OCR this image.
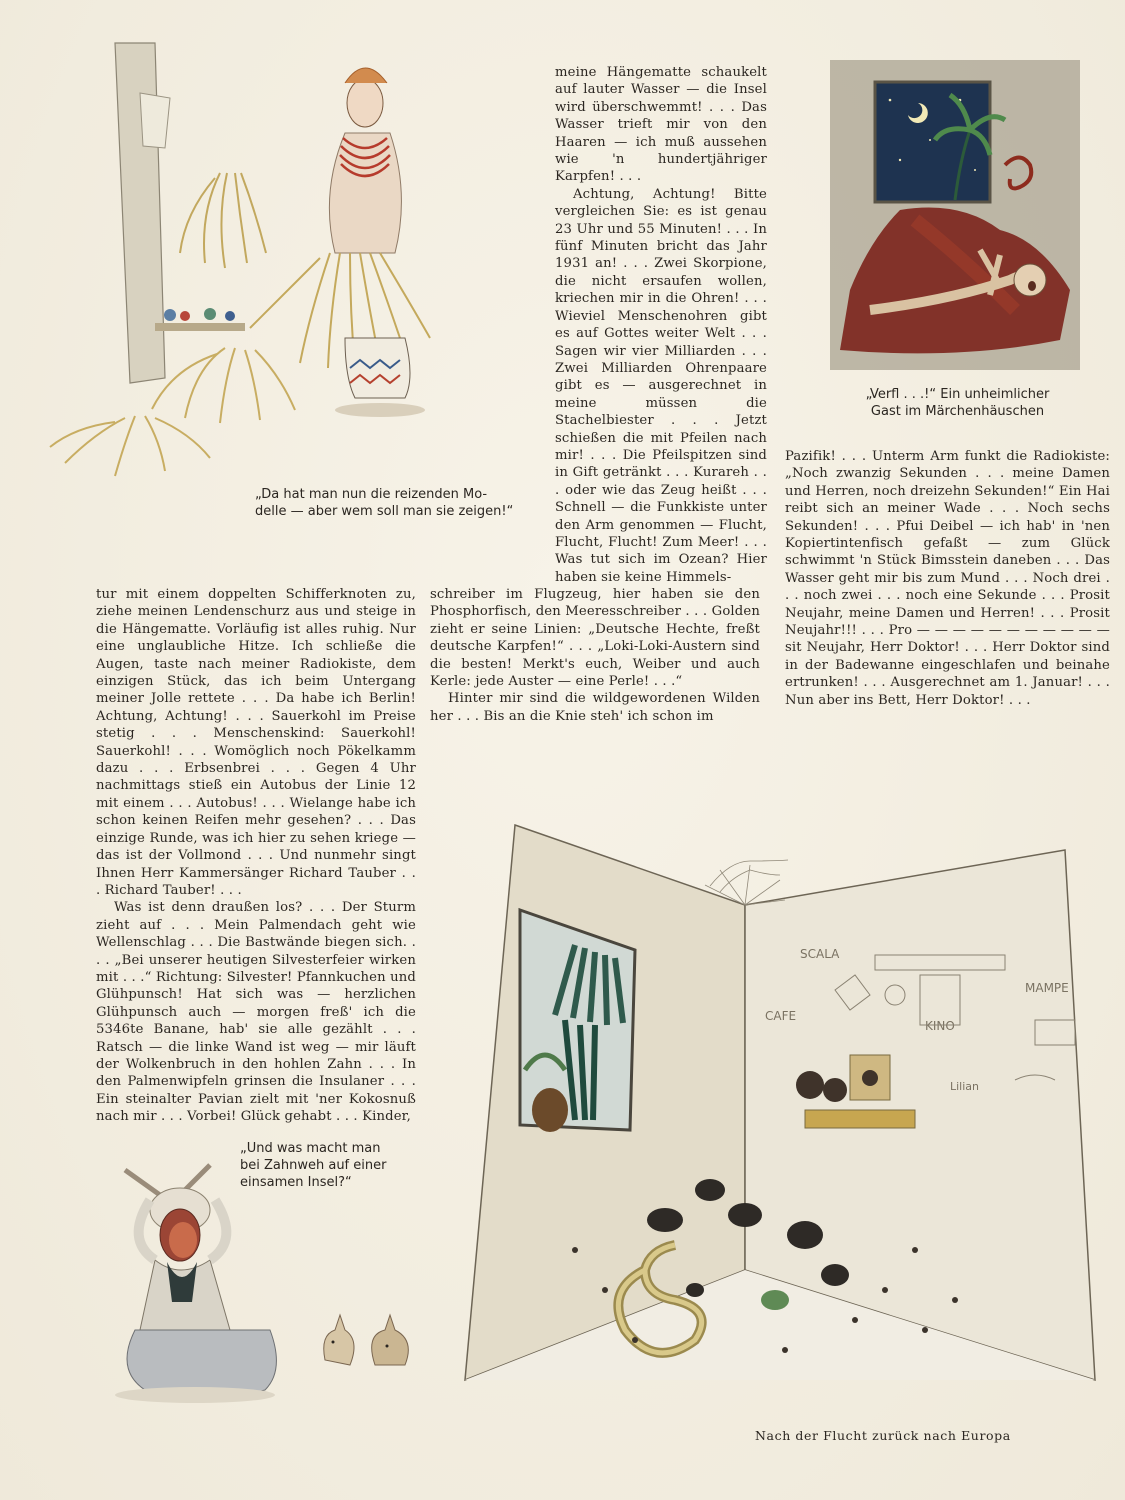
„Da hat man nun die reizenden Mo-
delle — aber wem soll man sie zeigen!“
„Verfl . . .!“ Ein unheimlicher
Gast im Märchenhäuschen

meine Hängematte schaukelt auf lauter Wasser — die Insel wird überschwemmt! . . . Das Wasser trieft mir von den Haaren — ich muß aussehen wie 'n hundertjähriger Karpfen! . . .

Achtung, Achtung! Bitte vergleichen Sie: es ist genau 23 Uhr und 55 Minuten! . . . In fünf Minuten bricht das Jahr 1931 an! . . . Zwei Skorpione, die nicht ersaufen wollen, kriechen mir in die Ohren! . . . Wieviel Menschenohren gibt es auf Gottes weiter Welt . . . Sagen wir vier Milliarden . . . Zwei Milliarden Ohrenpaare gibt es — ausgerechnet in meine müssen die Stachelbiester . . . Jetzt schießen die mit Pfeilen nach mir! . . . Die Pfeilspitzen sind in Gift getränkt . . . Kurareh . . . oder wie das Zeug heißt . . . Schnell — die Funkkiste unter den Arm genommen — Flucht, Flucht, Flucht! Zum Meer! . . . Was tut sich im Ozean? Hier haben sie keine Himmels-

tur mit einem doppelten Schifferknoten zu, ziehe meinen Lendenschurz aus und steige in die Hängematte. Vorläufig ist alles ruhig. Nur eine unglaubliche Hitze. Ich schließe die Augen, taste nach meiner Radiokiste, dem einzigen Stück, das ich beim Untergang meiner Jolle rettete . . . Da habe ich Berlin! Achtung, Achtung! . . . Sauerkohl im Preise stetig . . . Menschenskind: Sauerkohl! Sauerkohl! . . . Womöglich noch Pökelkamm dazu . . . Erbsenbrei . . . Gegen 4 Uhr nachmittags stieß ein Autobus der Linie 12 mit einem . . . Autobus! . . . Wielange habe ich schon keinen Reifen mehr gesehen? . . . Das einzige Runde, was ich hier zu sehen kriege — das ist der Vollmond . . . Und nunmehr singt Ihnen Herr Kammersänger Richard Tauber . . . Richard Tauber! . . .

Was ist denn draußen los? . . . Der Sturm zieht auf . . . Mein Palmendach geht wie Wellenschlag . . . Die Bastwände biegen sich. . . . „Bei unserer heutigen Silvesterfeier wirken mit . . .“ Richtung: Silvester! Pfannkuchen und Glühpunsch! Hat sich was — herzlichen Glühpunsch auch — morgen freß' ich die 5346te Banane, hab' sie alle gezählt . . . Ratsch — die linke Wand ist weg — mir läuft der Wolkenbruch in den hohlen Zahn . . . In den Palmenwipfeln grinsen die Insulaner . . . Ein steinalter Pavian zielt mit 'ner Kokosnuß nach mir . . . Vorbei! Glück gehabt . . . Kinder,

schreiber im Flugzeug, hier haben sie den Phosphorfisch, den Meeresschreiber . . . Golden zieht er seine Linien: „Deutsche Hechte, freßt deutsche Karpfen!“ . . . „Loki-Loki-Austern sind die besten! Merkt's euch, Weiber und auch Kerle: jede Auster — eine Perle! . . .“

Hinter mir sind die wildgewordenen Wilden her . . . Bis an die Knie steh' ich schon im

Pazifik! . . . Unterm Arm funkt die Radiokiste: „Noch zwanzig Sekunden . . . meine Damen und Herren, noch dreizehn Sekunden!“ Ein Hai reibt sich an meiner Wade . . . Noch sechs Sekunden! . . . Pfui Deibel — ich hab' in 'nen Kopiertintenfisch gefaßt — zum Glück schwimmt 'n Stück Bimsstein daneben . . . Das Wasser geht mir bis zum Mund . . . Noch drei . . . noch zwei . . . noch eine Sekunde . . . Prosit Neujahr, meine Damen und Herren! . . . Prosit Neujahr!!! . . . Pro — — — — — — — — — — — sit Neujahr, Herr Doktor! . . . Herr Doktor sind in der Badewanne eingeschlafen und beinahe ertrunken! . . . Ausgerechnet am 1. Januar! . . . Nun aber ins Bett, Herr Doktor! . . .

„Und was macht man
bei Zahnweh auf einer
einsamen Insel?“
SCALA
CAFE
KINO
MAMPE
Lilian
Nach der Flucht zurück nach Europa
